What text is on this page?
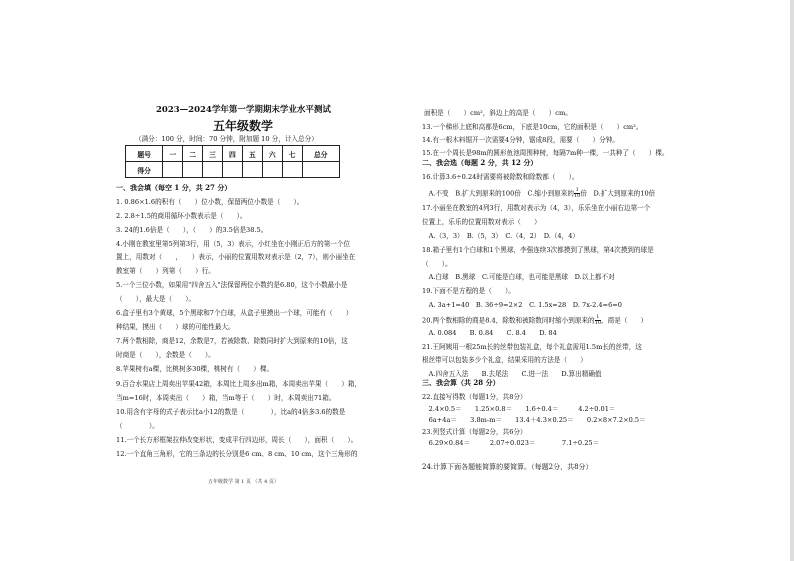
2023—2024学年第一学期期末学业水平测试
五年级数学
（满分：100 分，时间：70 分钟，附加题 10 分，计入总分）
题号	一	二	三	四	五	六	七	总分
得分								
一、我会填（每空 1 分，共 27 分）
1. 0.86×1.6的积有（　　）位小数，保留两位小数是（　　）。
2. 2.8÷1.5的商用循环小数表示是（　　）。
3. 24的1.6倍是（　　），（　　）的3.5倍是38.5。
4.小刚在教室里第5列第3行，用（5，3）表示，小红坐在小刚正后方的第一个位
置上，用数对（　　，　　）表示，小丽的位置用数对表示是（2，7），则小丽坐在
教室第（　　）列第（　　）行。
5.一个三位小数，如果用"四舍五入"法保留两位小数约是6.80，这个小数最小是
（　　），最大是（　　）。
6.盒子里有3个黄球，5个黑球和7个白球，从盒子里摸出一个球，可能有（　　）
种结果，摸出（　　）球的可能性最大。
7.两个数相除，商是12，余数是7，若被除数、除数同时扩大到原来的10倍，这
时商是（　　），余数是（　　）。
8.苹果树有a棵，比桃树多30棵，桃树有（　　）棵。
9.百合水果店上周卖出苹果42箱，本周比上周多出m箱，本周卖出苹果（　　）箱，
当m=16时，本周卖出（　　）箱，当m等于（　　）时，本周卖出71箱。
10.用含有字母的式子表示比a小12的数是（　　　　），比a的4倍多3.6的数是
（　　　　）。
11.一个长方形框架拉伸改变形状，变成平行四边形，周长（　　），面积（　　）。
12.一个直角三角形，它的三条边的长分别是6 cm、8 cm、10 cm，这个三角形的
五年级数学 第 1 页 （共 4 页）
面积是（　　）cm²，斜边上的高是（　　）cm。
13.一个梯形上底和高都是6cm，下底是10cm，它的面积是（　　）cm²。
14.有一根木料锯开一次需要4分钟，锯成8段，需要（　　）分钟。
15.在一个周长是98m的圆形鱼池周围种树，每隔7m种一棵，一共种了（　　）棵。
二、我会选（每题 2 分，共 12 分）
16.计算3.6÷0.24时需要将被除数和除数都（　　）。
　A.不变　B.扩大到原来的100倍　C.缩小到原来的 $\frac{1}{10}$ 倍　D.扩大到原来的10倍
17.小丽坐在教室的4列3行，用数对表示为（4，3），乐乐坐在小丽右边第一个
位置上，乐乐的位置用数对表示（　　）
　A.（3，3）　B.（5，3）　C.（4，2）　D.（4，4）
18.箱子里有1个白球和1个黑球，李强连续3次都摸到了黑球，第4次摸到的球是
（　　）。
　A.白球　B.黑球　C.可能是白球，也可能是黑球　D.以上都不对
19.下面不是方程的是（　　）。
　A. 3a+1=40　B. 36÷9=2×2　C. 1.5x=28　D. 7x-2.4=6=0
20.两个数相除的商是8.4，除数和被除数同时缩小到原来的 $\frac{1}{10}$ ，商是（　　）
　A. 0.084　　B. 0.84　　C. 8.4　　D. 84
21.王阿姨用一根25m长的丝带包装礼盒，每个礼盒需用1.5m长的丝带，这
根丝带可以包装多少个礼盒，结果采用的方法是（　　）
　A.四舍五入法　　B.去尾法　　C.进一法　　D.算出精确值
三、我会算（共 28 分）
22.直接写得数（每题1分，共8分）
　2.4×0.5＝　　1.25×0.8＝　　1.6÷0.4＝　　　4.2÷0.01＝
　6a+4a＝　　3.8m-m＝　　13.4＋4.3×0.25＝　　0.2×8×7.2×0.5＝
23.列竖式计算（每题2分，共6分）
　6.29×0.84＝　　　2.07÷0.023＝　　　　7.1÷0.25＝
24.计算下面各题能简算的要简算。（每题2分，共8分）
